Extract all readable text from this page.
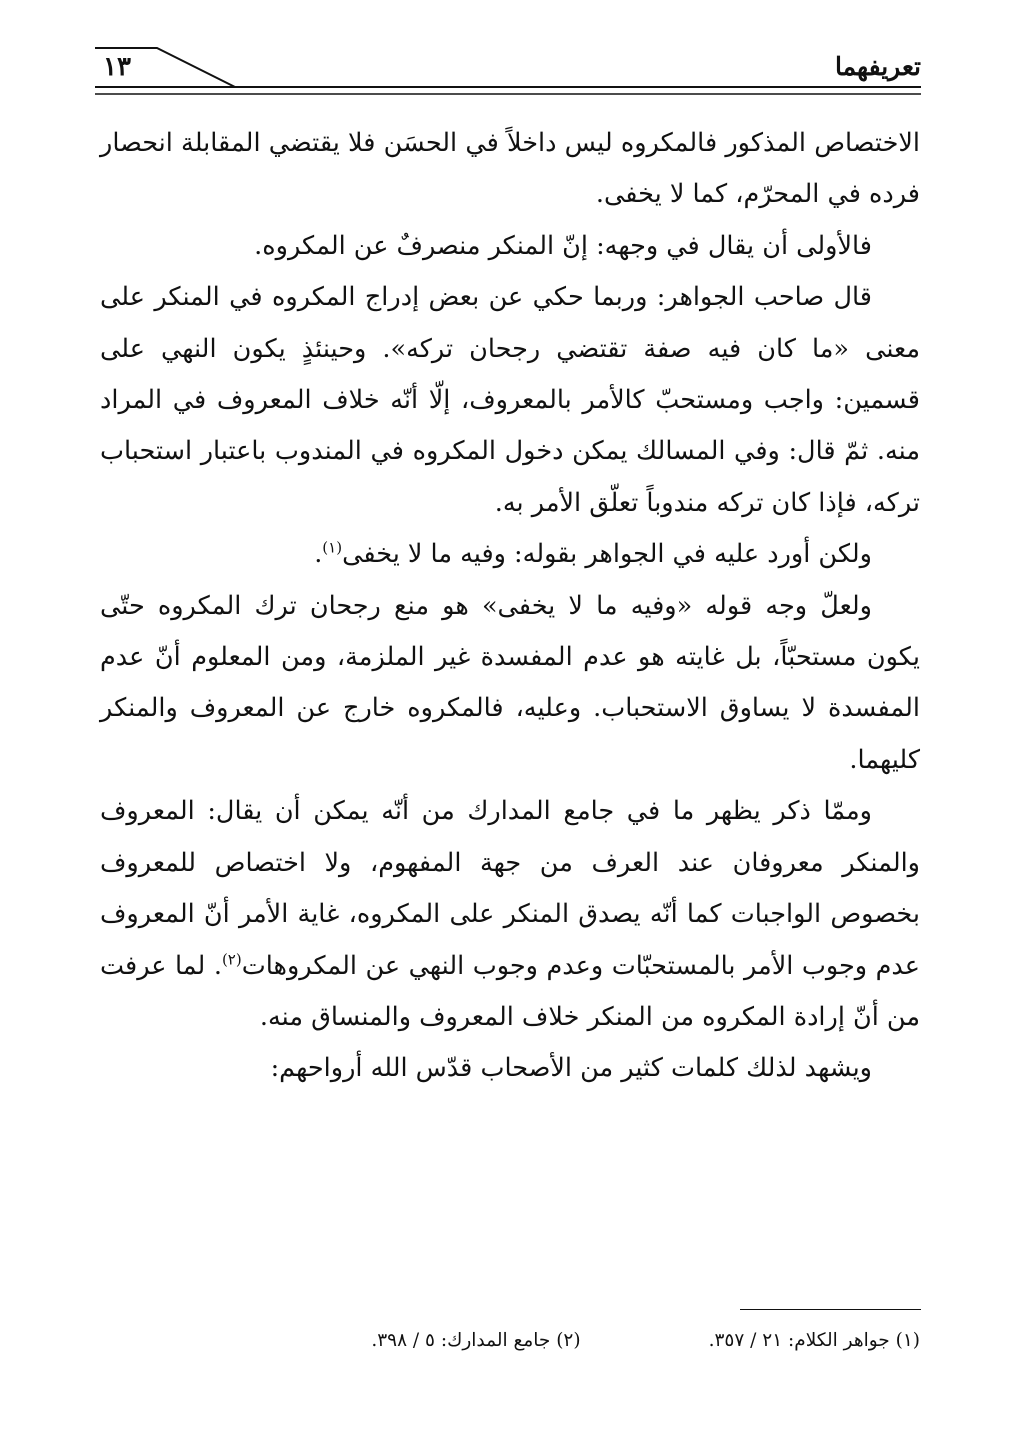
تعريفهما
١٣

الاختصاص المذكور فالمكروه ليس داخلاً في الحسَن فلا يقتضي المقابلة انحصار فرده في المحرّم، كما لا يخفى.

فالأولى أن يقال في وجهه: إنّ المنكر منصرفٌ عن المكروه.

قال صاحب الجواهر: وربما حكي عن بعض إدراج المكروه في المنكر على معنى «ما كان فيه صفة تقتضي رجحان تركه». وحينئذٍ يكون النهي على قسمين: واجب ومستحبّ كالأمر بالمعروف، إلّا أنّه خلاف المعروف في المراد منه. ثمّ قال: وفي المسالك يمكن دخول المكروه في المندوب باعتبار استحباب تركه، فإذا كان تركه مندوباً تعلّق الأمر به.

ولكن أورد عليه في الجواهر بقوله: وفيه ما لا يخفى$^{(١)}$.

ولعلّ وجه قوله «وفيه ما لا يخفى» هو منع رجحان ترك المكروه حتّى يكون مستحبّاً، بل غايته هو عدم المفسدة غير الملزمة، ومن المعلوم أنّ عدم المفسدة لا يساوق الاستحباب. وعليه، فالمكروه خارج عن المعروف والمنكر كليهما.

وممّا ذكر يظهر ما في جامع المدارك من أنّه يمكن أن يقال: المعروف والمنكر معروفان عند العرف من جهة المفهوم، ولا اختصاص للمعروف بخصوص الواجبات كما أنّه يصدق المنكر على المكروه، غاية الأمر أنّ المعروف عدم وجوب الأمر بالمستحبّات وعدم وجوب النهي عن المكروهات$^{(٢)}$. لما عرفت من أنّ إرادة المكروه من المنكر خلاف المعروف والمنساق منه.

ويشهد لذلك كلمات كثير من الأصحاب قدّس الله أرواحهم:

(١) جواهر الكلام: ٢١ / ٣٥٧.
(٢) جامع المدارك: ٥ / ٣٩٨.
